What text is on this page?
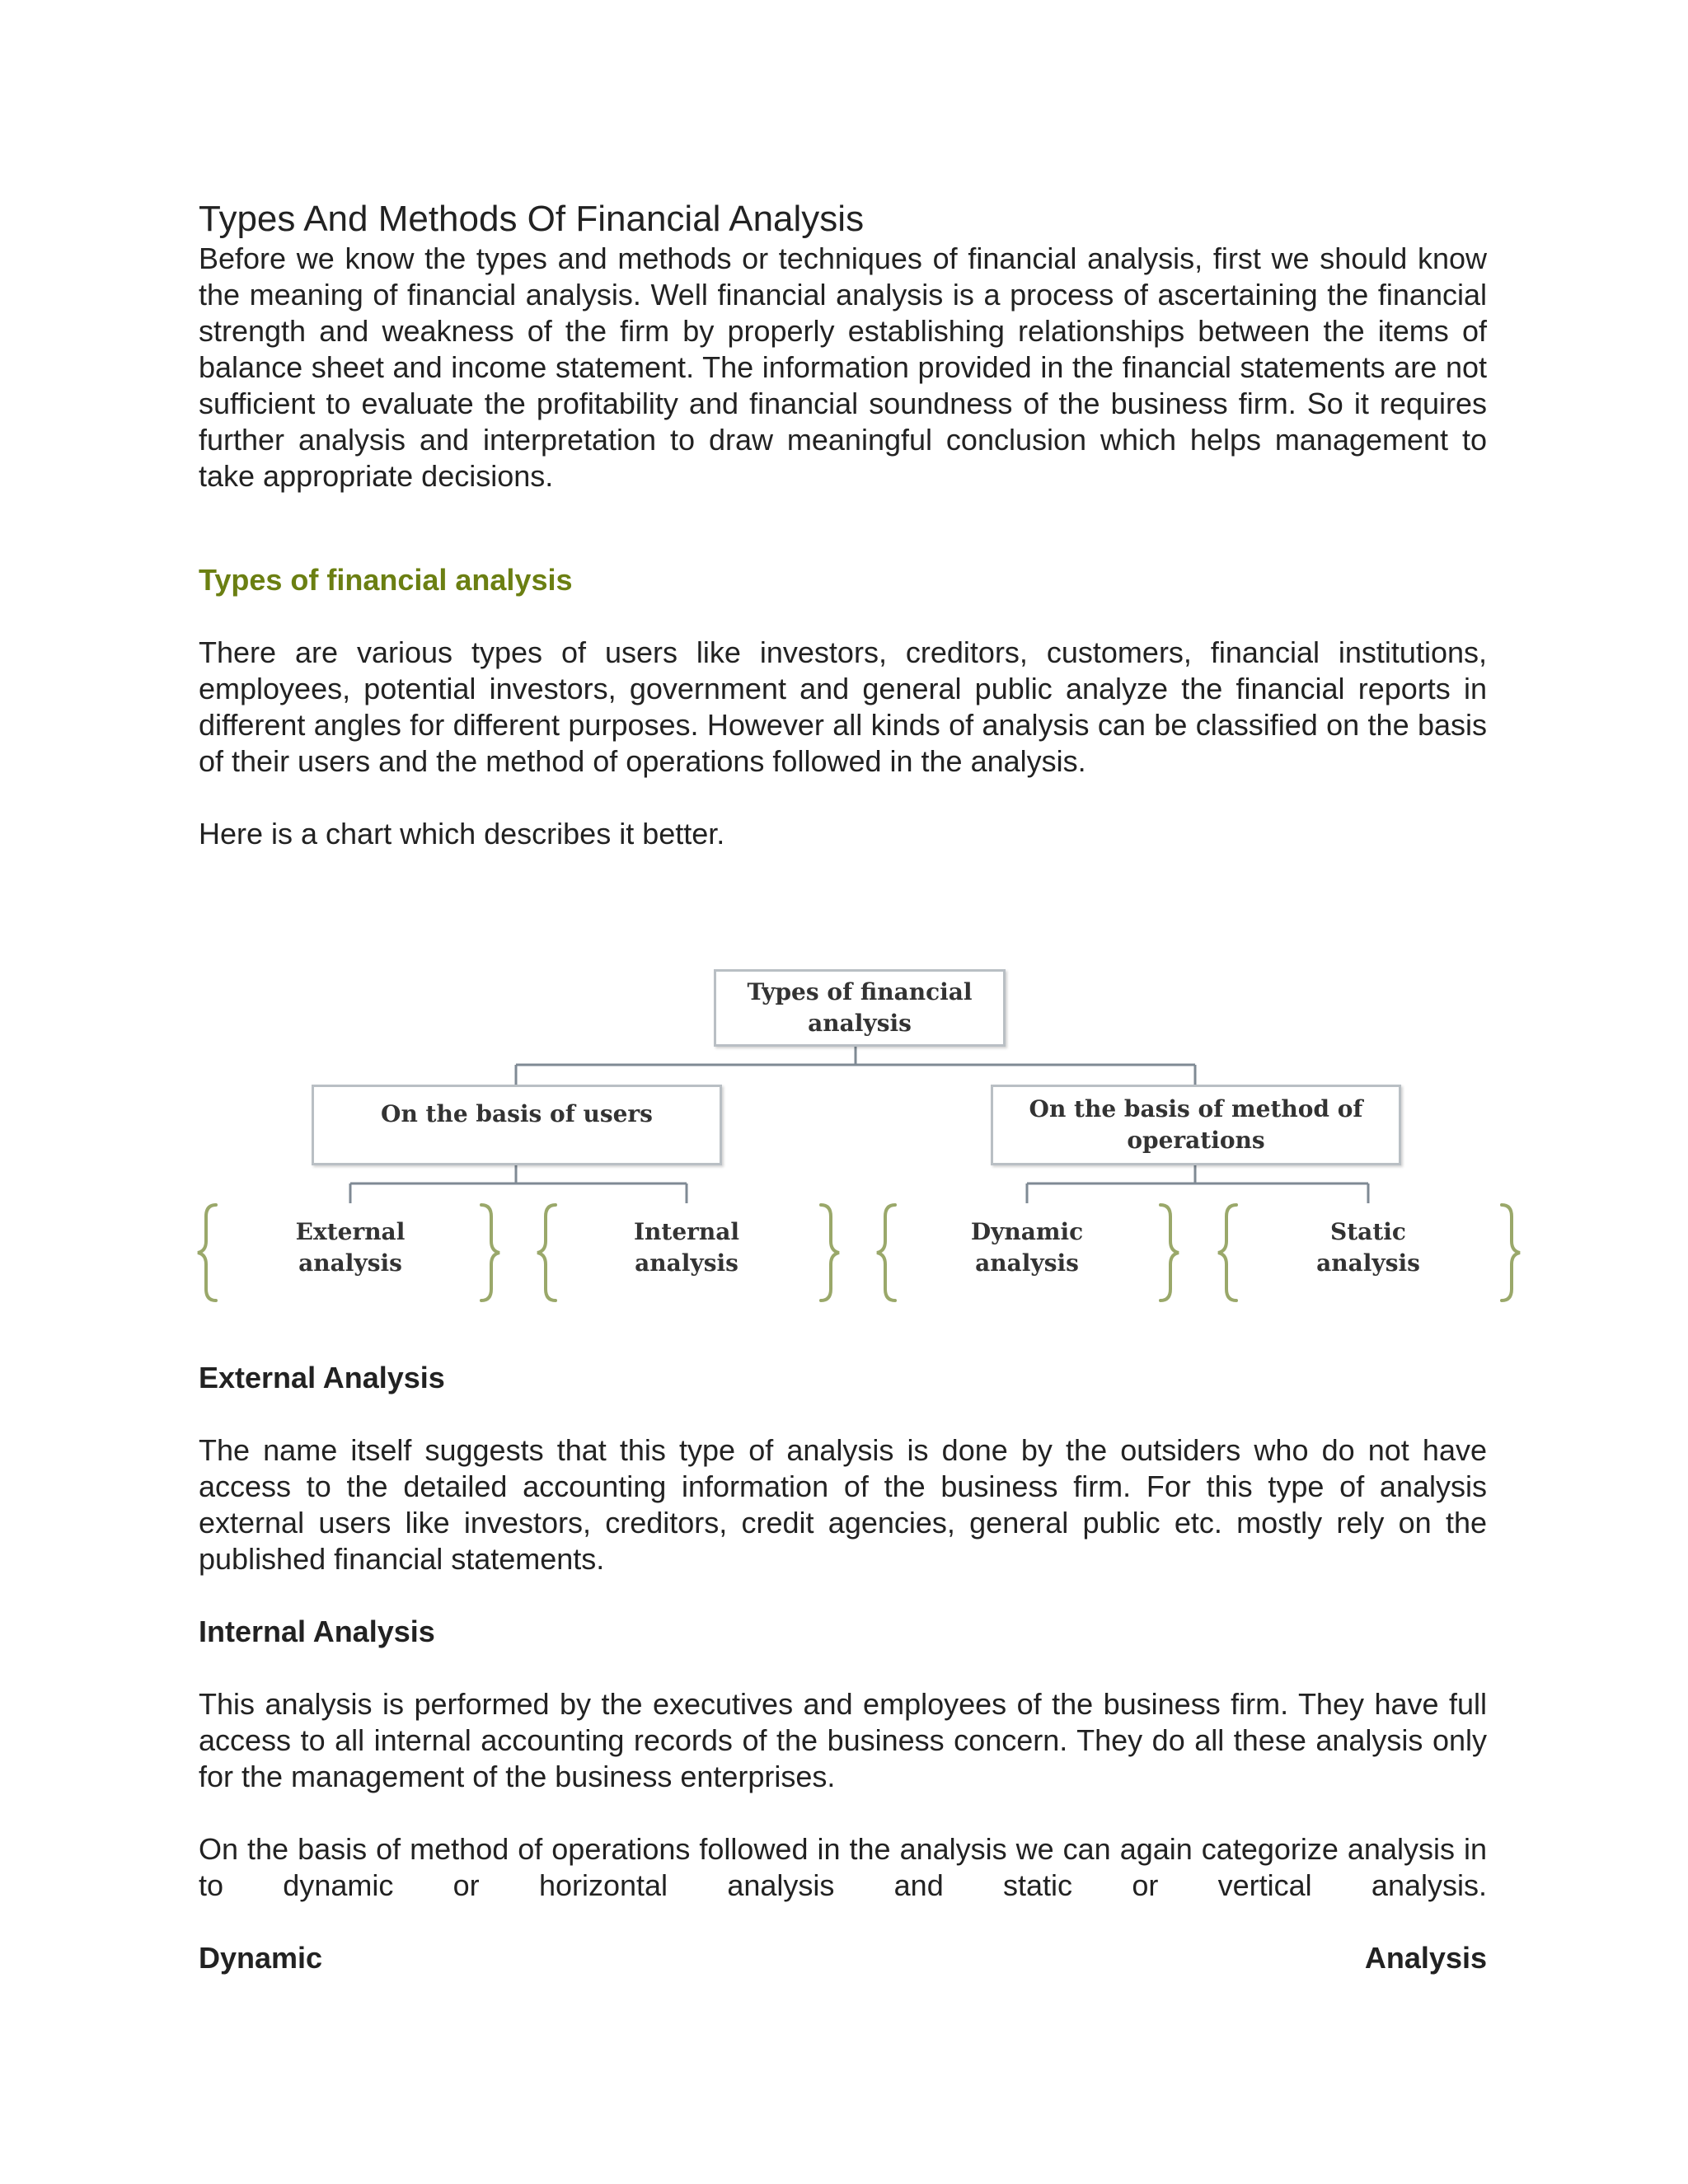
Types And Methods Of Financial Analysis

Before we know the types and methods or techniques of financial analysis, first we should know the meaning of financial analysis. Well financial analysis is a process of ascertaining the financial strength and weakness of the firm by properly establishing relationships between the items of balance sheet and income statement. The information provided in the financial statements are not sufficient to evaluate the profitability and financial soundness of the business firm. So it requires further analysis and interpretation to draw meaningful conclusion which helps management to take appropriate decisions.

Types of financial analysis

There are various types of users like investors, creditors, customers, financial institutions, employees, potential investors, government and general public analyze the financial reports in different angles for different purposes. However all kinds of analysis can be classified on the basis of their users and the method of operations followed in the analysis.

Here is a chart which describes it better.

Types of financial
analysis
On the basis of users	On the basis of method of
operations
External
analysis
Internal
analysis
Dynamic
analysis
Static
analysis
External Analysis

The name itself suggests that this type of analysis is done by the outsiders who do not have access to the detailed accounting information of the business firm. For this type of analysis external users like investors, creditors, credit agencies, general public etc. mostly rely on the published financial statements.

Internal Analysis

This analysis is performed by the executives and employees of the business firm. They have full access to all internal accounting records of the business concern. They do all these analysis only for the management of the business enterprises.

On the basis of method of operations followed in the analysis we can again categorize analysis in to dynamic or horizontal analysis and static or vertical analysis.

Dynamic	Analysis
